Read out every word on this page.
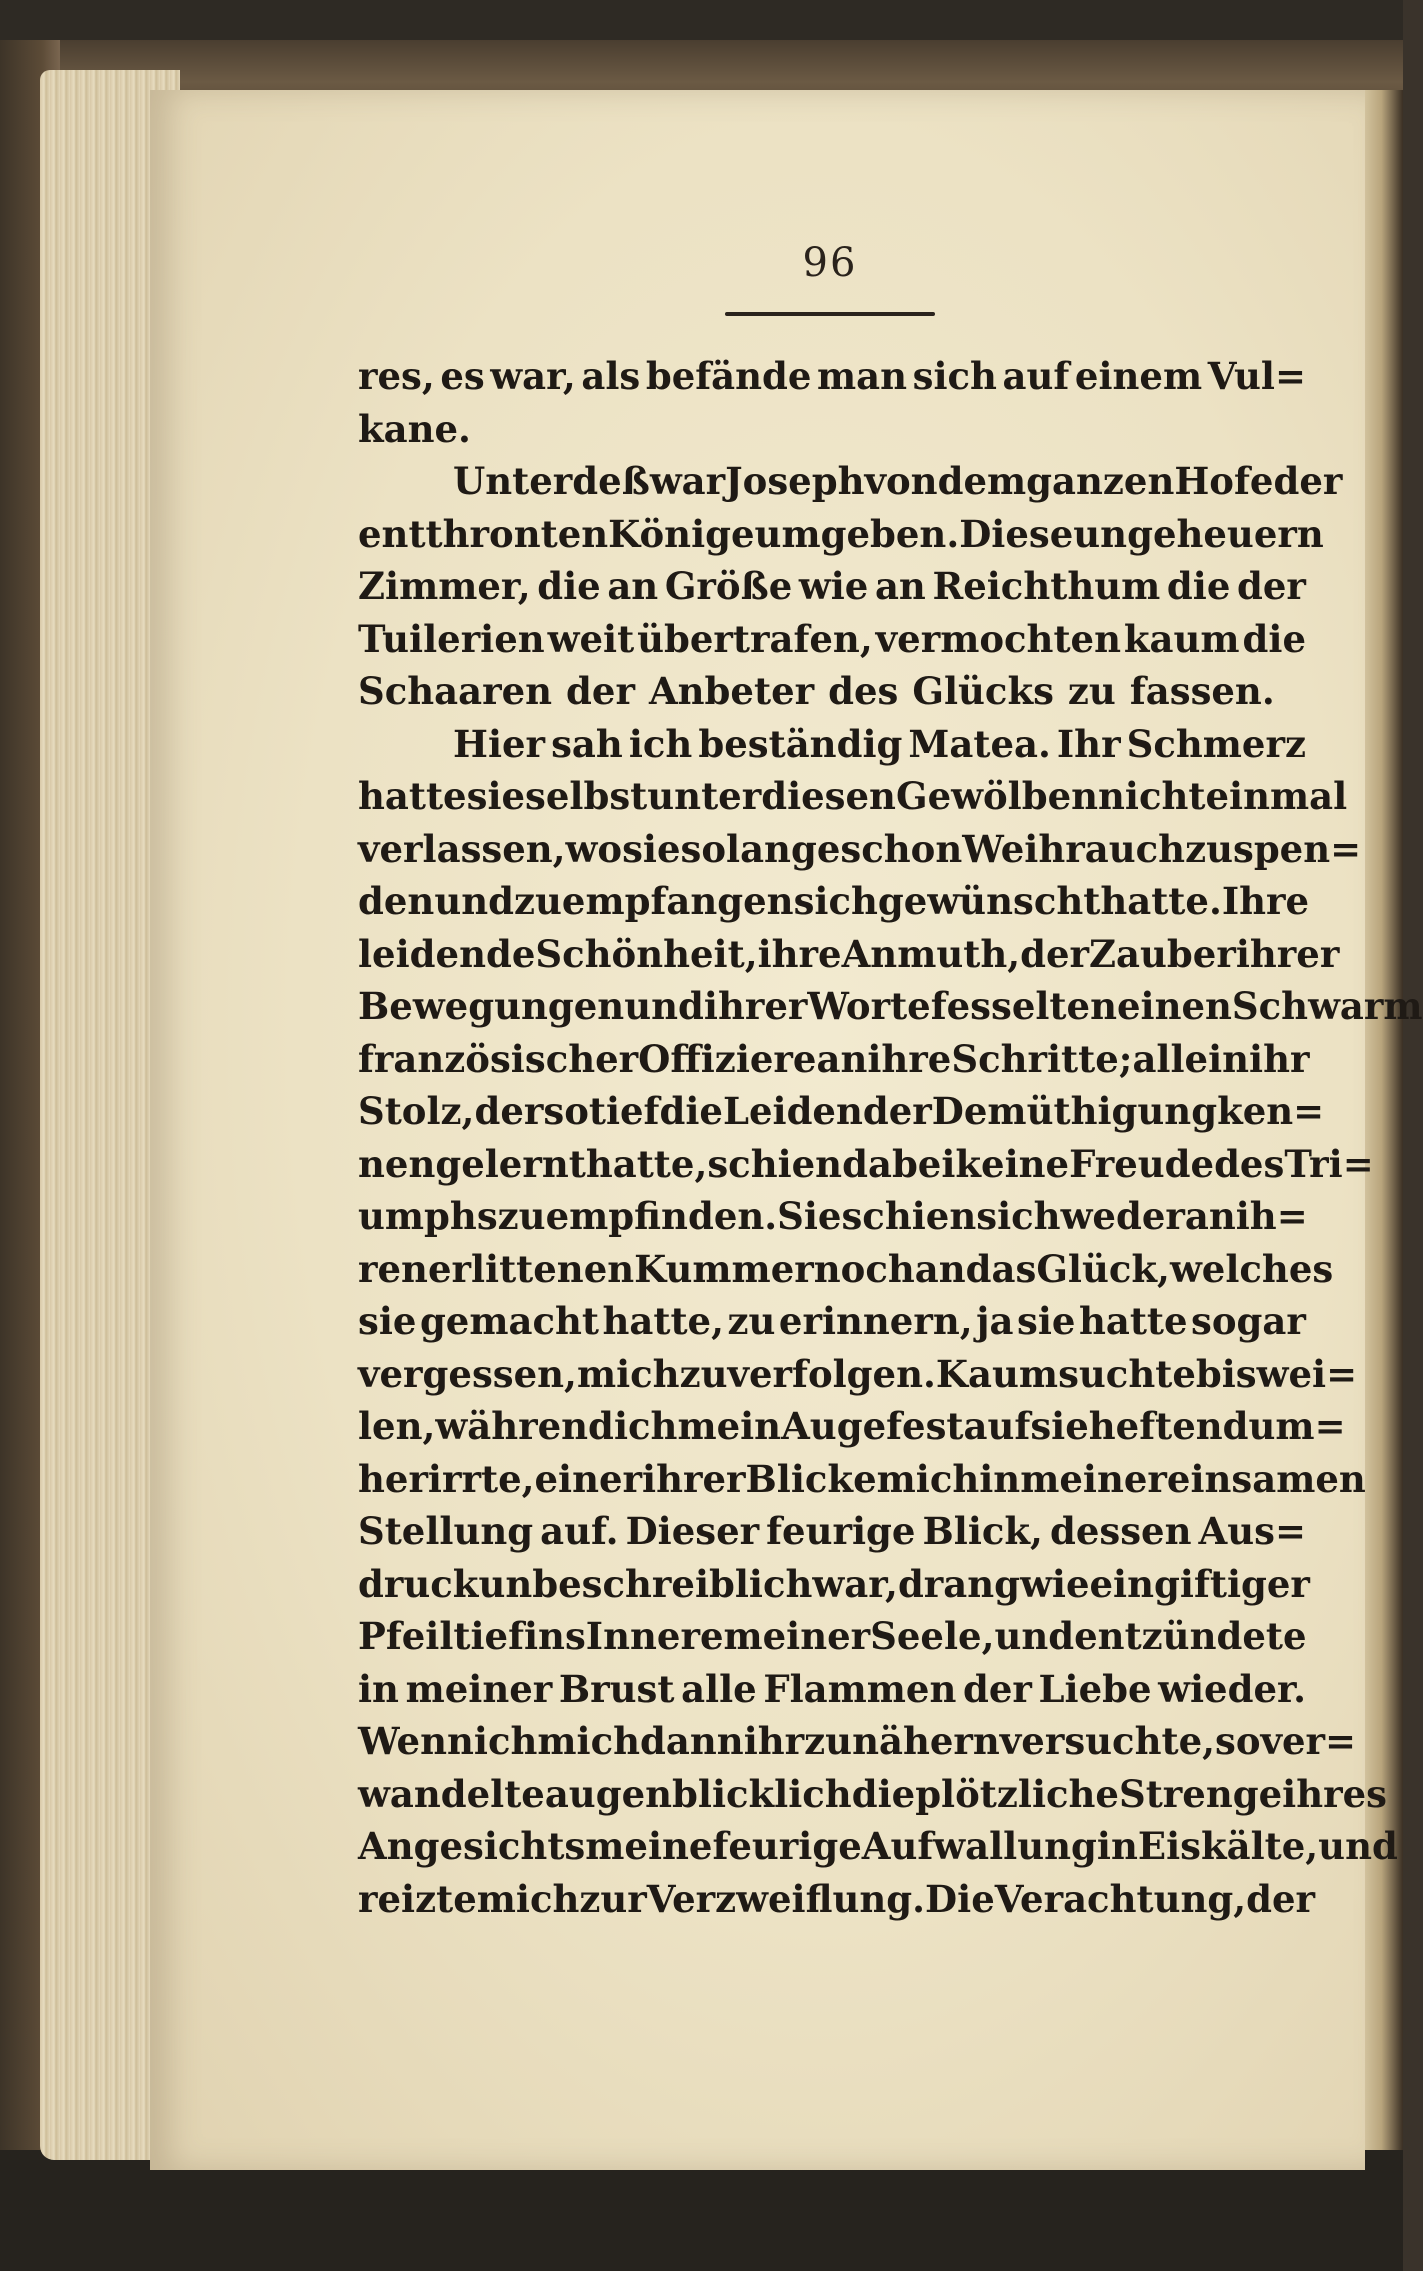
96
res, es war, als befände man sich auf einem Vul=
kane.
Unterdeß war Joseph von dem ganzen Hofe der
entthronten Könige umgeben. Diese ungeheuern
Zimmer, die an Größe wie an Reichthum die der
Tuilerien weit übertrafen, vermochten kaum die
Schaaren der Anbeter des Glücks zu fassen.
Hier sah ich beständig Matea. Ihr Schmerz
hatte sie selbst unter diesen Gewölben nicht einmal
verlassen, wo sie so lange schon Weihrauch zu spen=
den und zu empfangen sich gewünscht hatte. Ihre
leidende Schönheit, ihre Anmuth, der Zauber ihrer
Bewegungen und ihrer Worte fesselten einen Schwarm
französischer Offiziere an ihre Schritte; allein ihr
Stolz, der so tief die Leiden der Demüthigung ken=
nen gelernt hatte, schien dabei keine Freude des Tri=
umphs zu empfinden. Sie schien sich weder an ih=
ren erlittenen Kummer noch an das Glück, welches
sie gemacht hatte, zu erinnern, ja sie hatte sogar
vergessen, mich zu verfolgen. Kaum suchte biswei=
len, während ich mein Auge fest auf sie heftend um=
herirrte, einer ihrer Blicke mich in meiner einsamen
Stellung auf. Dieser feurige Blick, dessen Aus=
druck unbeschreiblich war, drang wie ein giftiger
Pfeil tief ins Innere meiner Seele, und entzündete
in meiner Brust alle Flammen der Liebe wieder.
Wenn ich mich dann ihr zu nähern versuchte, so ver=
wandelte augenblicklich die plötzliche Strenge ihres
Angesichts meine feurige Aufwallung in Eiskälte, und
reizte mich zur Verzweiflung. Die Verachtung, der
